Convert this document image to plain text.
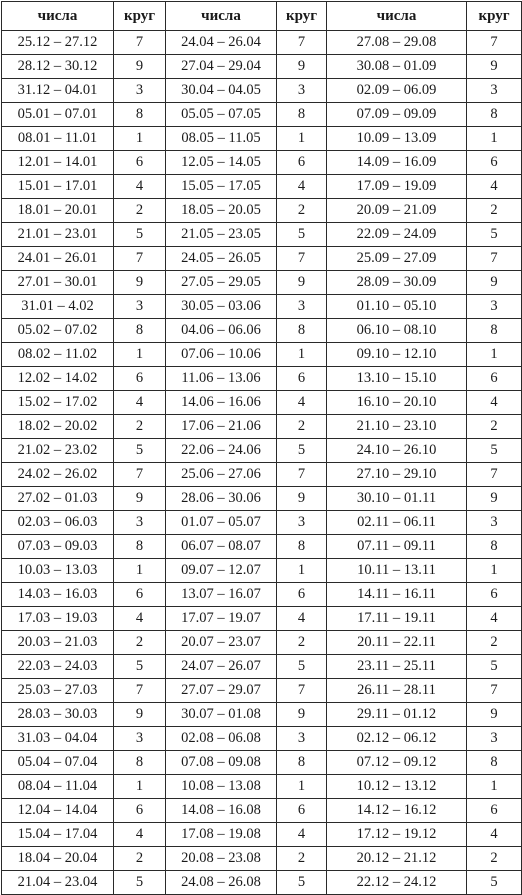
числа	круг	числа	круг	числа	круг
25.12 – 27.12	7	24.04 – 26.04	7	27.08 – 29.08	7
28.12 – 30.12	9	27.04 – 29.04	9	30.08 – 01.09	9
31.12 – 04.01	3	30.04 – 04.05	3	02.09 – 06.09	3
05.01 – 07.01	8	05.05 – 07.05	8	07.09 – 09.09	8
08.01 – 11.01	1	08.05 – 11.05	1	10.09 – 13.09	1
12.01 – 14.01	6	12.05 – 14.05	6	14.09 – 16.09	6
15.01 – 17.01	4	15.05 – 17.05	4	17.09 – 19.09	4
18.01 – 20.01	2	18.05 – 20.05	2	20.09 – 21.09	2
21.01 – 23.01	5	21.05 – 23.05	5	22.09 – 24.09	5
24.01 – 26.01	7	24.05 – 26.05	7	25.09 – 27.09	7
27.01 – 30.01	9	27.05 – 29.05	9	28.09 – 30.09	9
31.01 – 4.02	3	30.05 – 03.06	3	01.10 – 05.10	3
05.02 – 07.02	8	04.06 – 06.06	8	06.10 – 08.10	8
08.02 – 11.02	1	07.06 – 10.06	1	09.10 – 12.10	1
12.02 – 14.02	6	11.06 – 13.06	6	13.10 – 15.10	6
15.02 – 17.02	4	14.06 – 16.06	4	16.10 – 20.10	4
18.02 – 20.02	2	17.06 – 21.06	2	21.10 – 23.10	2
21.02 – 23.02	5	22.06 – 24.06	5	24.10 – 26.10	5
24.02 – 26.02	7	25.06 – 27.06	7	27.10 – 29.10	7
27.02 – 01.03	9	28.06 – 30.06	9	30.10 – 01.11	9
02.03 – 06.03	3	01.07 – 05.07	3	02.11 – 06.11	3
07.03 – 09.03	8	06.07 – 08.07	8	07.11 – 09.11	8
10.03 – 13.03	1	09.07 – 12.07	1	10.11 – 13.11	1
14.03 – 16.03	6	13.07 – 16.07	6	14.11 – 16.11	6
17.03 – 19.03	4	17.07 – 19.07	4	17.11 – 19.11	4
20.03 – 21.03	2	20.07 – 23.07	2	20.11 – 22.11	2
22.03 – 24.03	5	24.07 – 26.07	5	23.11 – 25.11	5
25.03 – 27.03	7	27.07 – 29.07	7	26.11 – 28.11	7
28.03 – 30.03	9	30.07 – 01.08	9	29.11 – 01.12	9
31.03 – 04.04	3	02.08 – 06.08	3	02.12 – 06.12	3
05.04 – 07.04	8	07.08 – 09.08	8	07.12 – 09.12	8
08.04 – 11.04	1	10.08 – 13.08	1	10.12 – 13.12	1
12.04 – 14.04	6	14.08 – 16.08	6	14.12 – 16.12	6
15.04 – 17.04	4	17.08 – 19.08	4	17.12 – 19.12	4
18.04 – 20.04	2	20.08 – 23.08	2	20.12 – 21.12	2
21.04 – 23.04	5	24.08 – 26.08	5	22.12 – 24.12	5
